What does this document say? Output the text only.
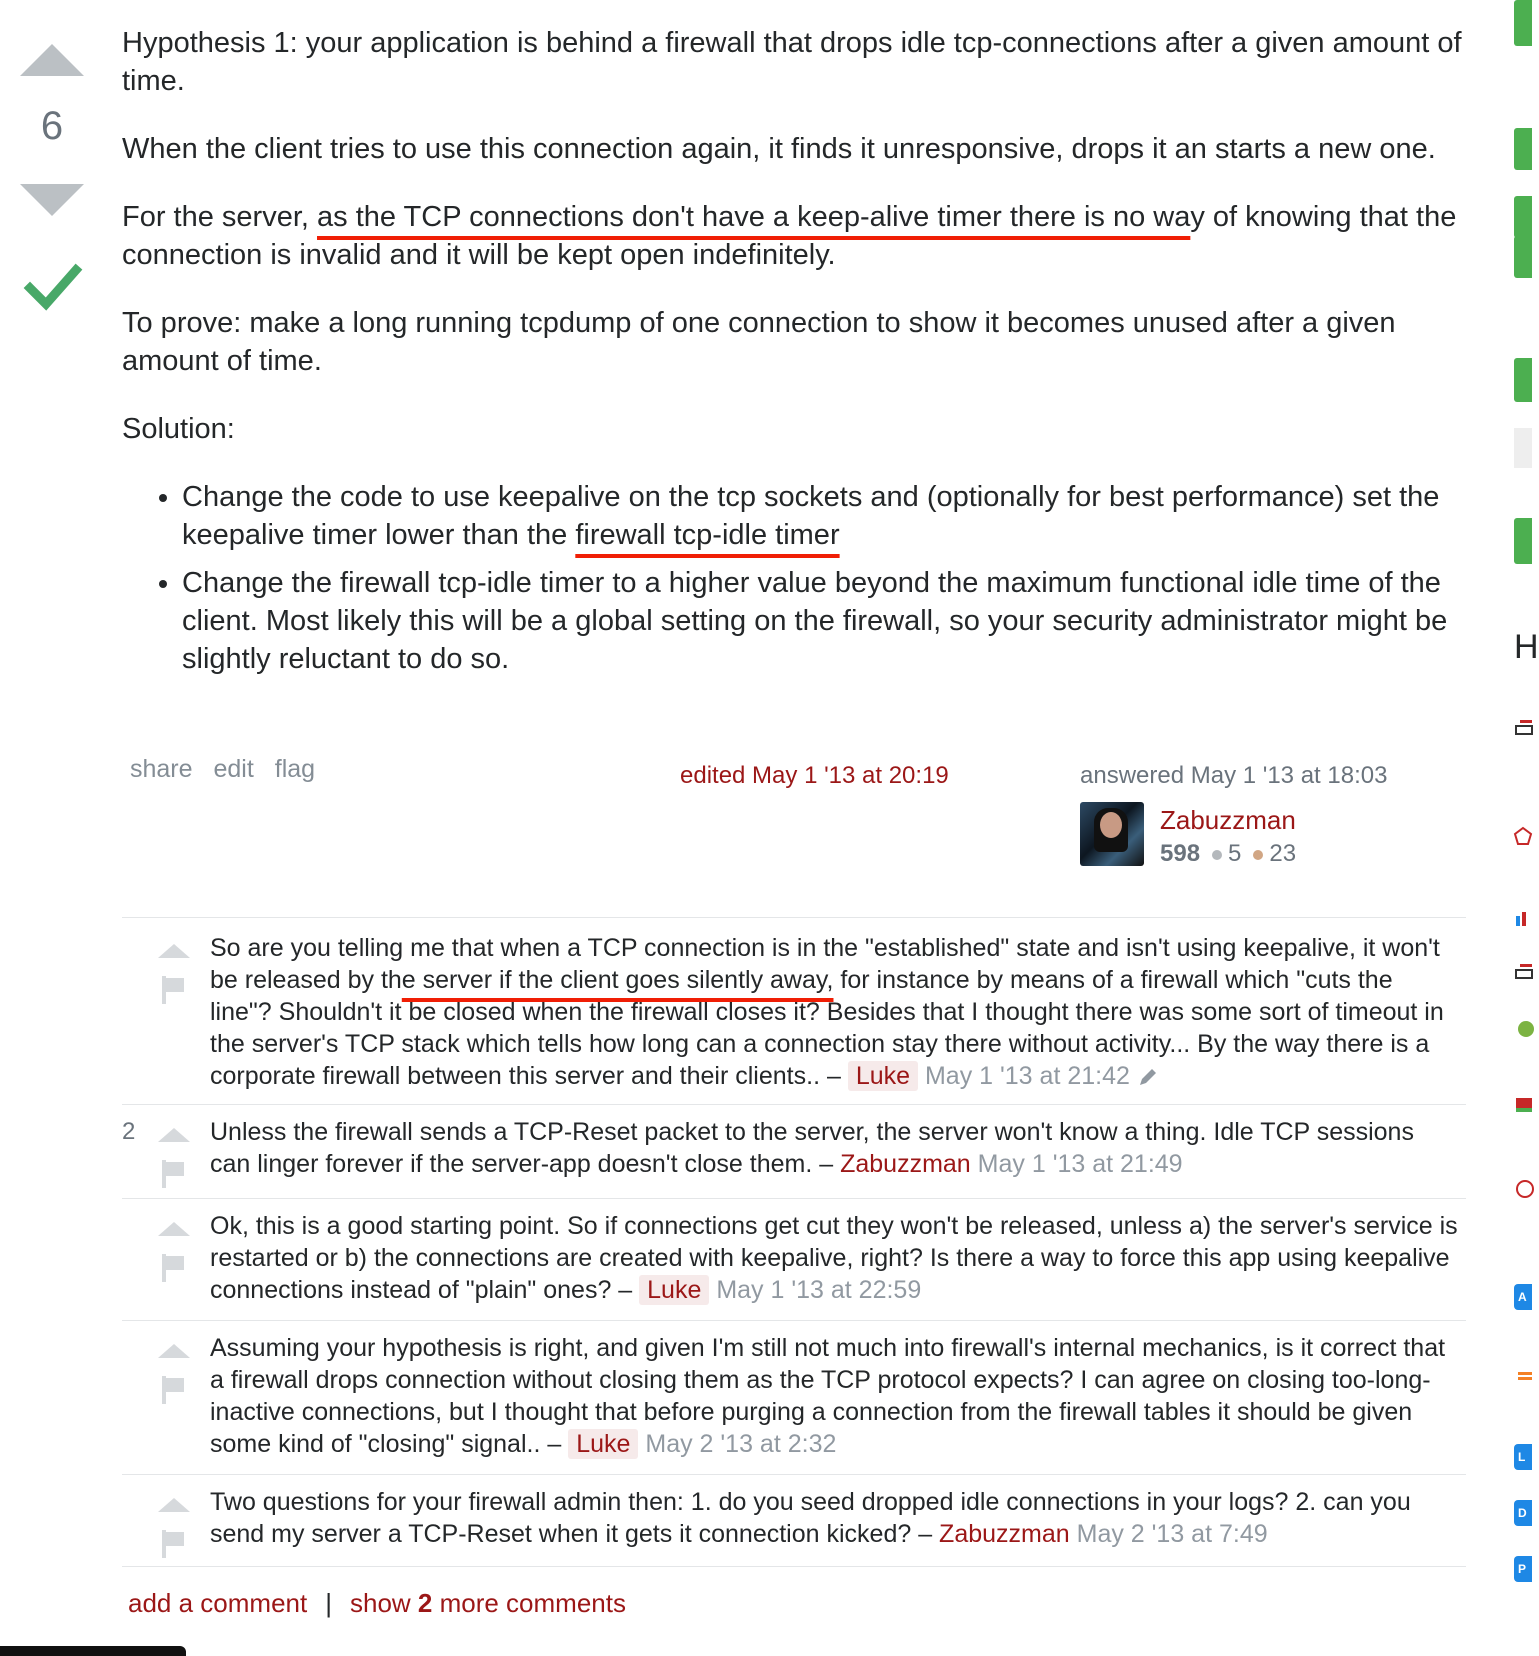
6

Hypothesis 1: your application is behind a firewall that drops idle tcp-connections after a given amount of time.

When the client tries to use this connection again, it finds it unresponsive, drops it an starts a new one.

For the server, as the TCP connections don't have a keep-alive timer there is no way of knowing that the connection is invalid and it will be kept open indefinitely.

To prove: make a long running tcpdump of one connection to show it becomes unused after a given amount of time.

Solution:

• Change the code to use keepalive on the tcp sockets and (optionally for best performance) set the keepalive timer lower than the firewall tcp-idle timer
• Change the firewall tcp-idle timer to a higher value beyond the maximum functional idle time of the client. Most likely this will be a global setting on the firewall, so your security administrator might be slightly reluctant to do so.
share edit flag	edited May 1 '13 at 20:19	answered May 1 '13 at 18:03
Zabuzzman
598 5 23
So are you telling me that when a TCP connection is in the "established" state and isn't using keepalive, it won't be released by the server if the client goes silently away, for instance by means of a firewall which "cuts the line"? Shouldn't it be closed when the firewall closes it? Besides that I thought there was some sort of timeout in the server's TCP stack which tells how long can a connection stay there without activity... By the way there is a corporate firewall between this server and their clients.. – Luke May 1 '13 at 21:42
2	Unless the firewall sends a TCP-Reset packet to the server, the server won't know a thing. Idle TCP sessions can linger forever if the server-app doesn't close them. – Zabuzzman May 1 '13 at 21:49
Ok, this is a good starting point. So if connections get cut they won't be released, unless a) the server's service is restarted or b) the connections are created with keepalive, right? Is there a way to force this app using keepalive connections instead of "plain" ones? – Luke May 1 '13 at 22:59
Assuming your hypothesis is right, and given I'm still not much into firewall's internal mechanics, is it correct that a firewall drops connection without closing them as the TCP protocol expects? I can agree on closing too-long-inactive connections, but I thought that before purging a connection from the firewall tables it should be given some kind of "closing" signal.. – Luke May 2 '13 at 2:32
Two questions for your firewall admin then: 1. do you seed dropped idle connections in your logs? 2. can you send my server a TCP-Reset when it gets it connection kicked? – Zabuzzman May 2 '13 at 7:49
add a comment | show 2 more comments
H
A
L
D
P
